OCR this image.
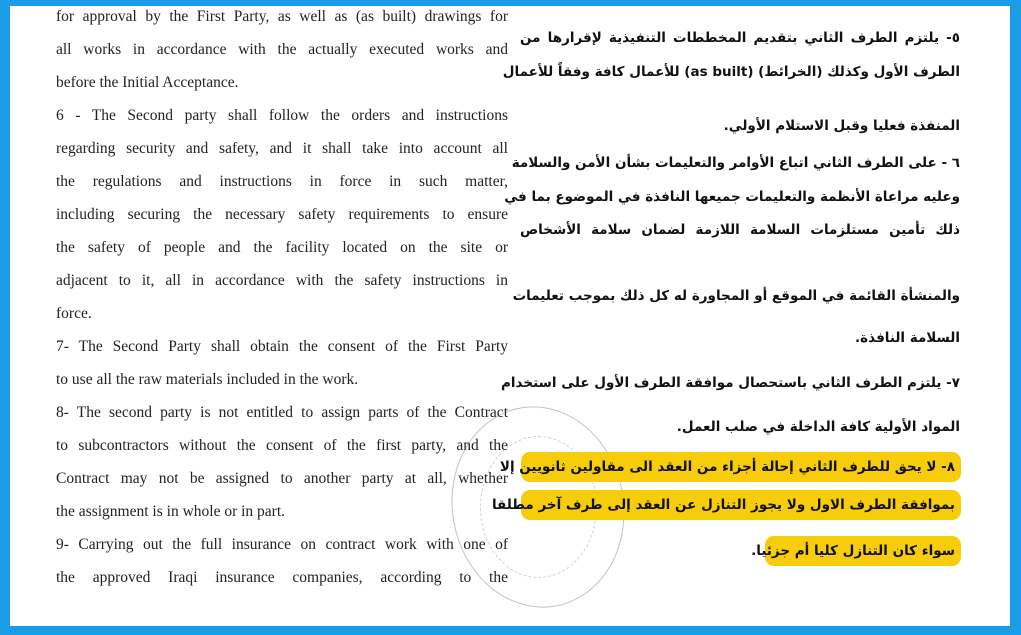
for approval by the First Party, as well as (as built) drawings for
all works in accordance with the actually executed works and
before the Initial Acceptance.
6 - The Second party shall follow the orders and instructions
regarding security and safety, and it shall take into account all
the regulations and instructions in force in such matter,
including securing the necessary safety requirements to ensure
the safety of people and the facility located on the site or
adjacent to it, all in accordance with the safety instructions in
force.
7- The Second Party shall obtain the consent of the First Party
to use all the raw materials included in the work.
8- The second party is not entitled to assign parts of the Contract
to subcontractors without the consent of the first party, and the
Contract may not be assigned to another party at all, whether
the assignment is in whole or in part.
9- Carrying out the full insurance on contract work with one of
the approved Iraqi insurance companies, according to the
٥- يلتزم الطرف الثاني بتقديم المخططات التنفيذية لإقرارها من
الطرف الأول وكذلك (الخرائط) (as built) للأعمال كافة وفقاً للأعمال
المنفذة فعليا وقبل الاستلام الأولي.
٦ - على الطرف الثاني اتباع الأوامر والتعليمات بشأن الأمن والسلامة
وعليه مراعاة الأنظمة والتعليمات جميعها النافذة في الموضوع بما في
ذلك تأمين مستلزمات السلامة اللازمة لضمان سلامة الأشخاص
والمنشأة القائمة في الموقع أو المجاورة له كل ذلك بموجب تعليمات
السلامة النافذة.
٧- يلتزم الطرف الثاني باستحصال موافقة الطرف الأول على استخدام
المواد الأولية كافة الداخلة في صلب العمل.
٨- لا يحق للطرف الثاني إحالة أجزاء من العقد الى مقاولين ثانويين إلا
بموافقة الطرف الاول ولا يجوز التنازل عن العقد إلى طرف آخر مطلقا
سواء كان التنازل كليا أم جزئيا.
